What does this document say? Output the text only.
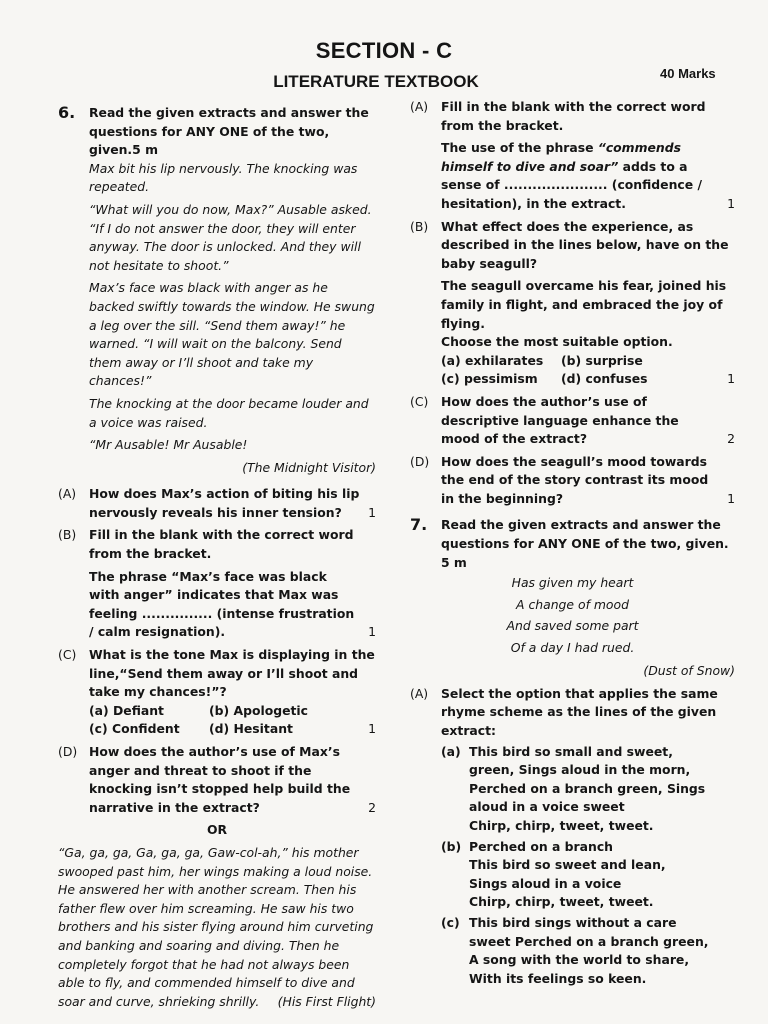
SECTION - C
LITERATURE TEXTBOOK	40 Marks
6.	Read the given extracts and answer the questions for ANY ONE of the two, given.5 m

Max bit his lip nervously. The knocking was repeated.

“What will you do now, Max?” Ausable asked. “If I do not answer the door, they will enter anyway. The door is unlocked. And they will not hesitate to shoot.”

Max’s face was black with anger as he backed swiftly towards the window. He swung a leg over the sill. “Send them away!” he warned. “I will wait on the balcony. Send them away or I’ll shoot and take my chances!”

The knocking at the door became louder and a voice was raised.

“Mr Ausable! Mr Ausable!

(The Midnight Visitor)
(A)	How does Max’s action of biting his lip nervously reveals his inner tension?	1
(B)	Fill in the blank with the correct word from the bracket.
The phrase “Max’s face was black with anger” indicates that Max was feeling ............... (intense frustration / calm resignation).	1
(C)	What is the tone Max is displaying in the line,“Send them away or I’ll shoot and take my chances!”?
(a) Defiant	(b) Apologetic
(c) Confident	(d) Hesitant	1
(D) How does the author’s use of Max’s anger and threat to shoot if the knocking isn’t stopped help build the narrative in the extract?	2
OR
“Ga, ga, ga, Ga, ga, ga, Gaw-col-ah,” his mother swooped past him, her wings making a loud noise. He answered her with another scream. Then his father flew over him screaming. He saw his two brothers and his sister flying around him curveting and banking and soaring and diving. Then he completely forgot that he had not always been able to fly, and commended himself to dive and soar and curve, shrieking shrilly.	(His First Flight)
(A)	Fill in the blank with the correct word from the bracket.
The use of the phrase “commends himself to dive and soar” adds to a sense of ...................... (confidence / hesitation), in the extract.	1
(B)	What effect does the experience, as described in the lines below, have on the baby seagull?
The seagull overcame his fear, joined his family in flight, and embraced the joy of flying.
Choose the most suitable option.
(a) exhilarates	(b) surprise
(c) pessimism	(d) confuses	1
(C)	How does the author’s use of descriptive language enhance the mood of the extract?	2
(D) How does the seagull’s mood towards the end of the story contrast its mood in the beginning?	1
7.	Read the given extracts and answer the questions for ANY ONE of the two, given. 5 m
Has given my heart
A change of mood
And saved some part
Of a day I had rued.
(Dust of Snow)
(A)	Select the option that applies the same rhyme scheme as the lines of the given extract:
(a) This bird so small and sweet,
green, Sings aloud in the morn,
Perched on a branch green, Sings aloud in a voice sweet
Chirp, chirp, tweet, tweet.
(b) Perched on a branch
This bird so sweet and lean,
Sings aloud in a voice
Chirp, chirp, tweet, tweet.
(c) This bird sings without a care
sweet Perched on a branch green,
A song with the world to share,
With its feelings so keen.
